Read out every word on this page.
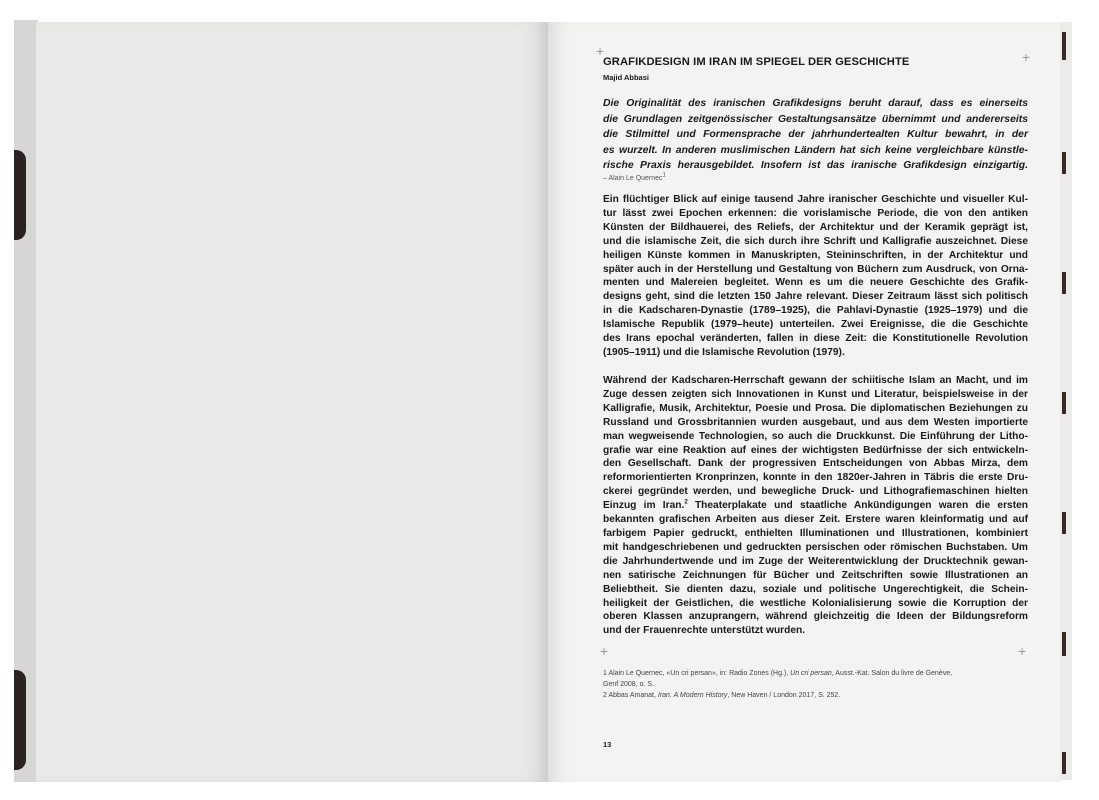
+	+
+	+
GRAFIKDESIGN IM IRAN IM SPIEGEL DER GESCHICHTE
Majid Abbasi
Die Originalität des iranischen Grafikdesigns beruht darauf, dass es einerseits
die Grundlagen zeitgenössischer Gestaltungsansätze übernimmt und andererseits
die Stilmittel und Formensprache der jahrhundertealten Kultur bewahrt, in der
es wurzelt. In anderen muslimischen Ländern hat sich keine vergleichbare künstle-
rische Praxis herausgebildet. Insofern ist das iranische Grafikdesign einzigartig.
– Alain Le Quernec$^1$
Ein flüchtiger Blick auf einige tausend Jahre iranischer Geschichte und visueller Kul-
tur lässt zwei Epochen erkennen: die vorislamische Periode, die von den antiken
Künsten der Bildhauerei, des Reliefs, der Architektur und der Keramik geprägt ist,
und die islamische Zeit, die sich durch ihre Schrift und Kalligrafie auszeichnet. Diese
heiligen Künste kommen in Manuskripten, Steininschriften, in der Architektur und
später auch in der Herstellung und Gestaltung von Büchern zum Ausdruck, von Orna-
menten und Malereien begleitet. Wenn es um die neuere Geschichte des Grafik-
designs geht, sind die letzten 150 Jahre relevant. Dieser Zeitraum lässt sich politisch
in die Kadscharen-Dynastie (1789–1925), die Pahlavi-Dynastie (1925–1979) und die
Islamische Republik (1979–heute) unterteilen. Zwei Ereignisse, die die Geschichte
des Irans epochal veränderten, fallen in diese Zeit: die Konstitutionelle Revolution
(1905–1911) und die Islamische Revolution (1979).
Während der Kadscharen-Herrschaft gewann der schiitische Islam an Macht, und im
Zuge dessen zeigten sich Innovationen in Kunst und Literatur, beispielsweise in der
Kalligrafie, Musik, Architektur, Poesie und Prosa. Die diplomatischen Beziehungen zu
Russland und Grossbritannien wurden ausgebaut, und aus dem Westen importierte
man wegweisende Technologien, so auch die Druckkunst. Die Einführung der Litho-
grafie war eine Reaktion auf eines der wichtigsten Bedürfnisse der sich entwickeln-
den Gesellschaft. Dank der progressiven Entscheidungen von Abbas Mirza, dem
reformorientierten Kronprinzen, konnte in den 1820er-Jahren in Täbris die erste Dru-
ckerei gegründet werden, und bewegliche Druck- und Lithografiemaschinen hielten
Einzug im Iran.$^2$ Theaterplakate und staatliche Ankündigungen waren die ersten
bekannten grafischen Arbeiten aus dieser Zeit. Erstere waren kleinformatig und auf
farbigem Papier gedruckt, enthielten Illuminationen und Illustrationen, kombiniert
mit handgeschriebenen und gedruckten persischen oder römischen Buchstaben. Um
die Jahrhundertwende und im Zuge der Weiterentwicklung der Drucktechnik gewan-
nen satirische Zeichnungen für Bücher und Zeitschriften sowie Illustrationen an
Beliebtheit. Sie dienten dazu, soziale und politische Ungerechtigkeit, die Schein-
heiligkeit der Geistlichen, die westliche Kolonialisierung sowie die Korruption der
oberen Klassen anzuprangern, während gleichzeitig die Ideen der Bildungsreform
und der Frauenrechte unterstützt wurden.
1 Alain Le Quernec, «Un cri persan», in: Radio Zones (Hg.), Un cri persan, Ausst.-Kat. Salon du livre de Genève,
Genf 2008, o. S.
2 Abbas Amanat, Iran. A Modern History, New Haven / London 2017, S. 252.
13
